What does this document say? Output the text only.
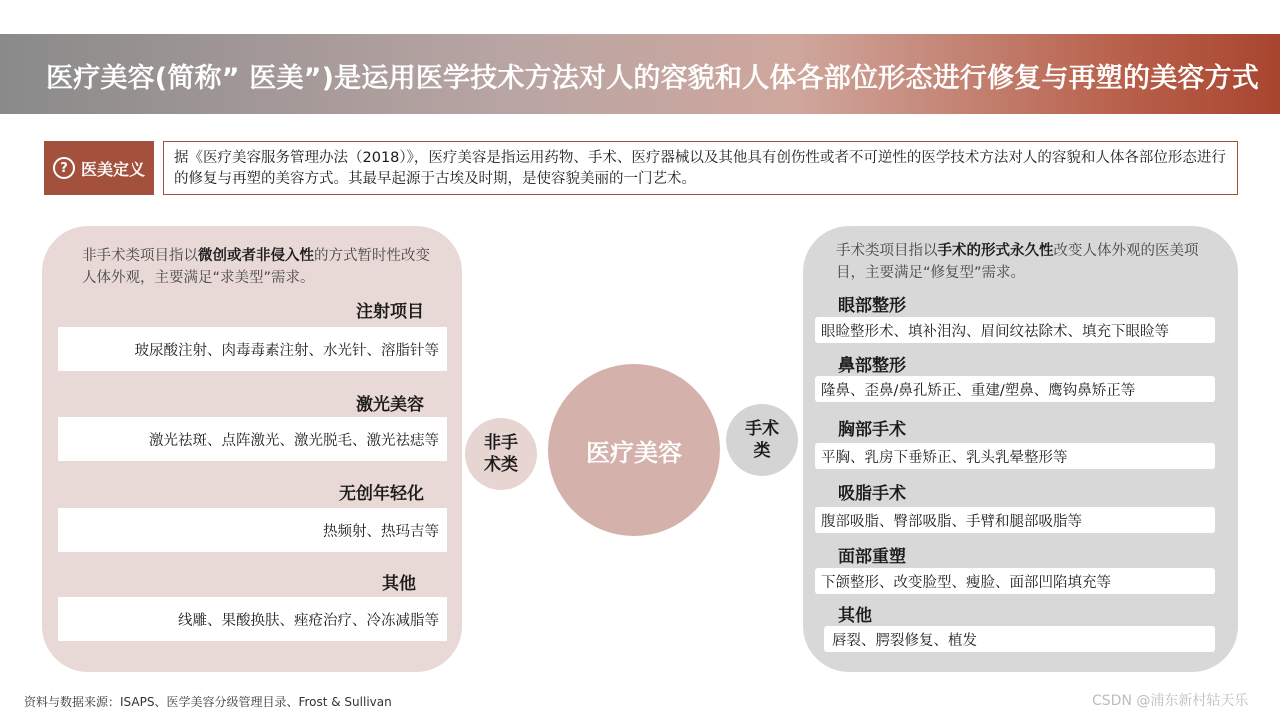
医疗美容(简称” 医美”)是运用医学技术方法对人的容貌和人体各部位形态进行修复与再塑的美容方式
? 医美定义
据《医疗美容服务管理办法（2018）》，医疗美容是指运用药物、手术、医疗器械以及其他具有创伤性或者不可逆性的医学技术方法对人的容貌和人体各部位形态进行的修复与再塑的美容方式。其最早起源于古埃及时期，是使容貌美丽的一门艺术。
非手术类项目指以微创或者非侵入性的方式暂时性改变人体外观，主要满足“求美型”需求。
注射项目
玻尿酸注射、肉毒毒素注射、水光针、溶脂针等
激光美容
激光祛斑、点阵激光、激光脱毛、激光祛痣等
无创年轻化
热频射、热玛吉等
其他
线雕、果酸换肤、痤疮治疗、冷冻减脂等
手术类项目指以手术的形式永久性改变人体外观的医美项目，主要满足“修复型”需求。
眼部整形
眼睑整形术、填补泪沟、眉间纹祛除术、填充下眼睑等
鼻部整形
隆鼻、歪鼻/鼻孔矫正、重建/塑鼻、鹰钩鼻矫正等
胸部手术
平胸、乳房下垂矫正、乳头乳晕整形等
吸脂手术
腹部吸脂、臀部吸脂、手臂和腿部吸脂等
面部重塑
下颌整形、改变脸型、瘦脸、面部凹陷填充等
其他
唇裂、腭裂修复、植发
医疗美容
非手术类
手术类
资料与数据来源：ISAPS、医学美容分级管理目录、Frost & Sullivan	CSDN @浦东新村轱天乐
